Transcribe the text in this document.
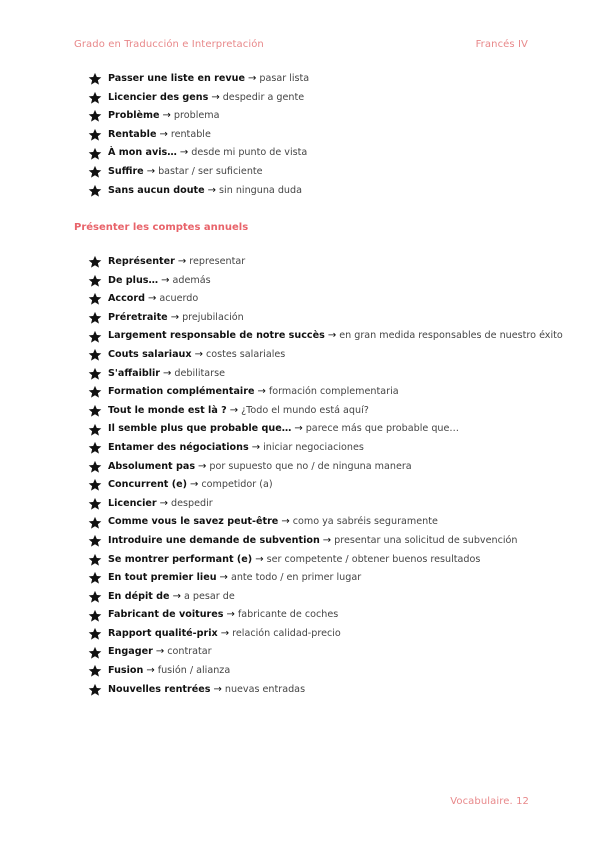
Grado en Traducción e Interpretación	Francés IV
Passer une liste en revue → pasar lista
Licencier des gens → despedir a gente
Problème → problema
Rentable → rentable
À mon avis… → desde mi punto de vista
Suffire → bastar / ser suficiente
Sans aucun doute → sin ninguna duda
Présenter les comptes annuels
Représenter → representar
De plus… → además
Accord → acuerdo
Préretraite → prejubilación
Largement responsable de notre succès → en gran medida responsables de nuestro éxito
Couts salariaux → costes salariales
S'affaiblir → debilitarse
Formation complémentaire → formación complementaria
Tout le monde est là ? → ¿Todo el mundo está aquí?
Il semble plus que probable que… → parece más que probable que…
Entamer des négociations → iniciar negociaciones
Absolument pas → por supuesto que no / de ninguna manera
Concurrent (e) → competidor (a)
Licencier → despedir
Comme vous le savez peut-être → como ya sabréis seguramente
Introduire une demande de subvention → presentar una solicitud de subvención
Se montrer performant (e) → ser competente / obtener buenos resultados
En tout premier lieu → ante todo / en primer lugar
En dépit de → a pesar de
Fabricant de voitures → fabricante de coches
Rapport qualité-prix → relación calidad-precio
Engager → contratar
Fusion → fusión / alianza
Nouvelles rentrées → nuevas entradas
Vocabulaire. 12
